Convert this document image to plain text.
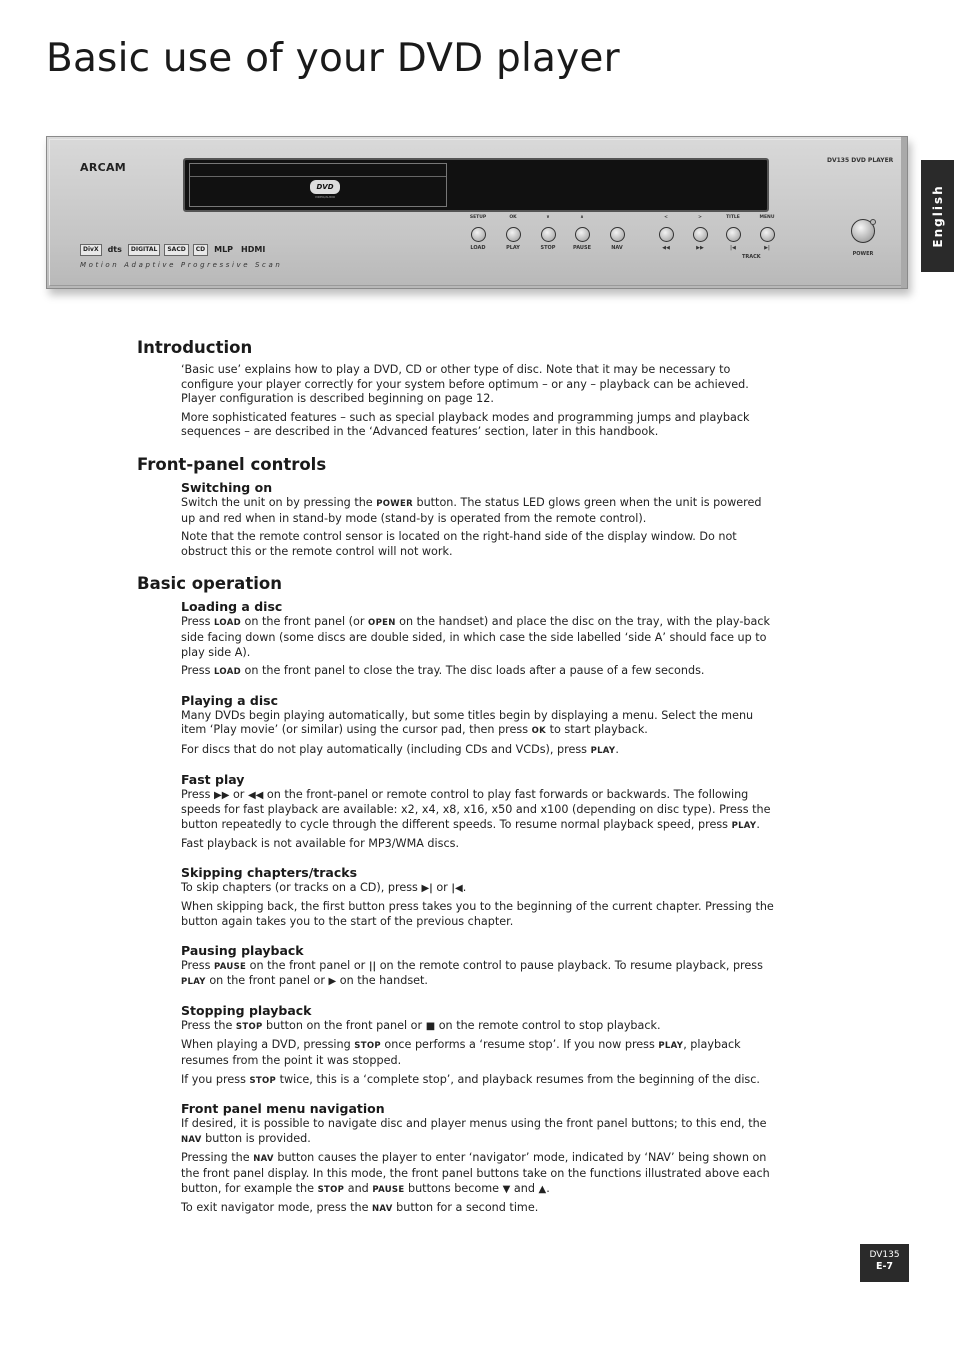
Basic use of your DVD player
ARCAM
DV135 DVD PLAYER
DVD
VIDEO/AUDIO
DivX	dts	DIGITAL	SACD	CD	MLP HDMI
Motion Adaptive Progressive Scan
SETUP
LOAD
OK
PLAY
∨
STOP
∧
PAUSE	NAV
<
◀◀
>
▶▶
TITLE
|◀
MENU
▶|
TRACK	POWER
English
Introduction

‘Basic use’ explains how to play a DVD, CD or other type of disc. Note that it may be necessary to configure your player correctly for your system before optimum – or any – playback can be achieved. Player configuration is described beginning on page 12.

More sophisticated features – such as special playback modes and programming jumps and playback sequences – are described in the ‘Advanced features’ section, later in this handbook.

Front-panel controls
Switching on

Switch the unit on by pressing the POWER button. The status LED glows green when the unit is powered up and red when in stand-by mode (stand-by is operated from the remote control).

Note that the remote control sensor is located on the right-hand side of the display window. Do not obstruct this or the remote control will not work.

Basic operation
Loading a disc

Press LOAD on the front panel (or OPEN on the handset) and place the disc on the tray, with the play-back side facing down (some discs are double sided, in which case the side labelled ‘side A’ should face up to play side A).

Press LOAD on the front panel to close the tray. The disc loads after a pause of a few seconds.

Playing a disc

Many DVDs begin playing automatically, but some titles begin by displaying a menu. Select the menu item ‘Play movie’ (or similar) using the cursor pad, then press OK to start playback.

For discs that do not play automatically (including CDs and VCDs), press PLAY.

Fast play

Press ▶▶ or ◀◀ on the front-panel or remote control to play fast forwards or backwards. The following speeds for fast playback are available: x2, x4, x8, x16, x50 and x100 (depending on disc type). Press the button repeatedly to cycle through the different speeds. To resume normal playback speed, press PLAY.

Fast playback is not available for MP3/WMA discs.

Skipping chapters/tracks

To skip chapters (or tracks on a CD), press ▶| or |◀.

When skipping back, the first button press takes you to the beginning of the current chapter. Pressing the button again takes you to the start of the previous chapter.

Pausing playback

Press PAUSE on the front panel or || on the remote control to pause playback. To resume playback, press PLAY on the front panel or ▶ on the handset.

Stopping playback

Press the STOP button on the front panel or ■ on the remote control to stop playback.

When playing a DVD, pressing STOP once performs a ‘resume stop’. If you now press PLAY, playback resumes from the point it was stopped.

If you press STOP twice, this is a ‘complete stop’, and playback resumes from the beginning of the disc.

Front panel menu navigation

If desired, it is possible to navigate disc and player menus using the front panel buttons; to this end, the NAV button is provided.

Pressing the NAV button causes the player to enter ‘navigator’ mode, indicated by ‘NAV’ being shown on the front panel display. In this mode, the front panel buttons take on the functions illustrated above each button, for example the STOP and PAUSE buttons become ▼ and ▲.

To exit navigator mode, press the NAV button for a second time.

DV135
E-7
